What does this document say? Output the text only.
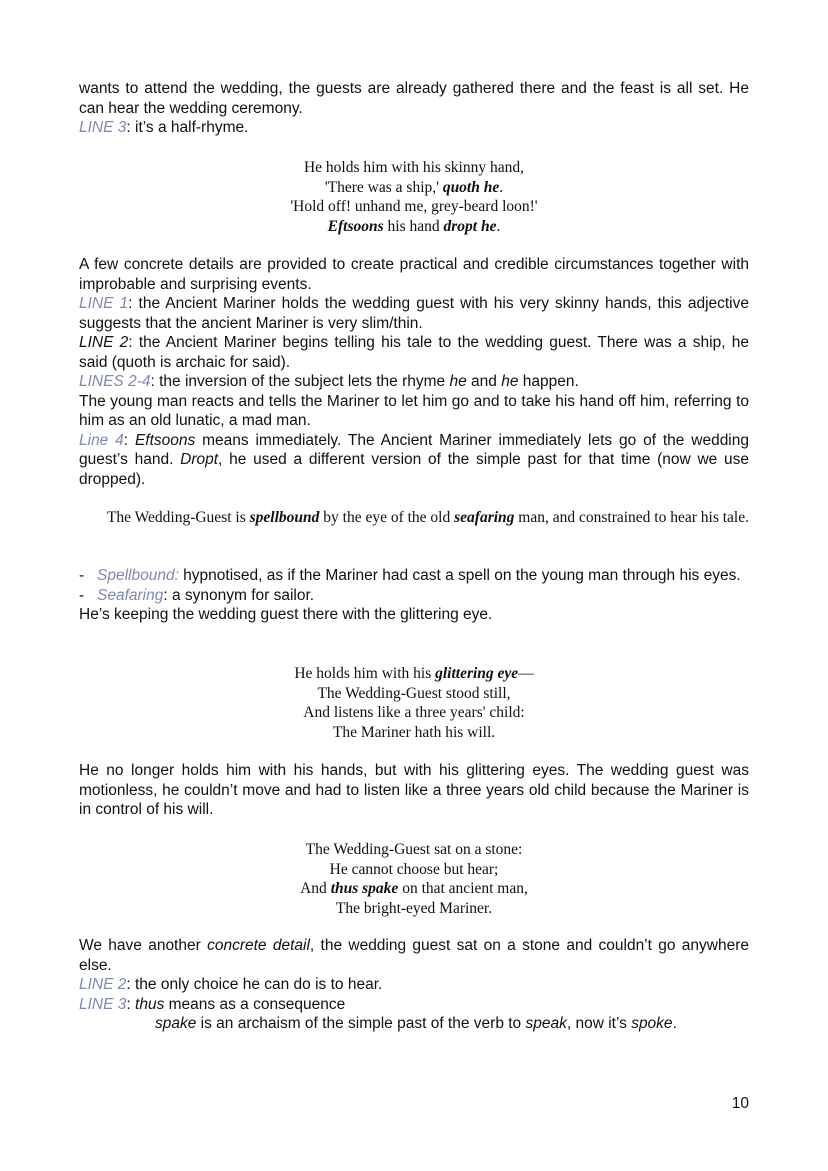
wants to attend the wedding, the guests are already gathered there and the feast is all set. He can hear the wedding ceremony.

LINE 3: it’s a half-rhyme.

He holds him with his skinny hand,
'There was a ship,' quoth he.
'Hold off! unhand me, grey-beard loon!'
Eftsoons his hand dropt he.

A few concrete details are provided to create practical and credible circumstances together with improbable and surprising events.

LINE 1: the Ancient Mariner holds the wedding guest with his very skinny hands, this adjective suggests that the ancient Mariner is very slim/thin.

LINE 2: the Ancient Mariner begins telling his tale to the wedding guest. There was a ship, he said (quoth is archaic for said).

LINES 2-4: the inversion of the subject lets the rhyme he and he happen.

The young man reacts and tells the Mariner to let him go and to take his hand off him, referring to him as an old lunatic, a mad man.

Line 4: Eftsoons means immediately. The Ancient Mariner immediately lets go of the wedding guest’s hand. Dropt, he used a different version of the simple past for that time (now we use dropped).

The Wedding-Guest is spellbound by the eye of the old seafaring man, and constrained to hear his tale.

- Spellbound: hypnotised, as if the Mariner had cast a spell on the young man through his eyes.

- Seafaring: a synonym for sailor.

He’s keeping the wedding guest there with the glittering eye.

He holds him with his glittering eye—
The Wedding-Guest stood still,
And listens like a three years' child:
The Mariner hath his will.

He no longer holds him with his hands, but with his glittering eyes. The wedding guest was motionless, he couldn’t move and had to listen like a three years old child because the Mariner is in control of his will.

The Wedding-Guest sat on a stone:
He cannot choose but hear;
And thus spake on that ancient man,
The bright-eyed Mariner.

We have another concrete detail, the wedding guest sat on a stone and couldn’t go anywhere else.

LINE 2: the only choice he can do is to hear.

LINE 3: thus means as a consequence

spake is an archaism of the simple past of the verb to speak, now it’s spoke.

10
